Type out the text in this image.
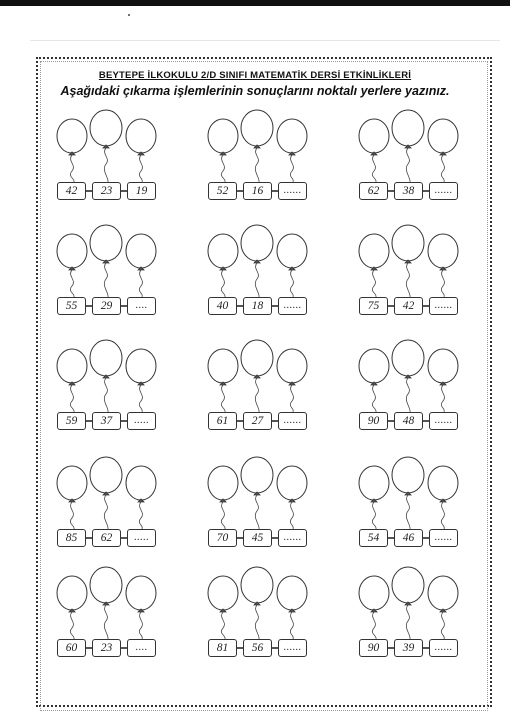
BEYTEPE İLKOKULU 2/D SINIFI MATEMATİK DERSİ ETKİNLİKLERİ
Aşağıdaki çıkarma işlemlerinin sonuçlarını noktalı yerlere yazınız.
42	23	19	52	16	......	62	38	......
55	29	....	40	18	......	75	42	......
59	37	.....	61	27	......	90	48	......
85	62	.....	70	45	......	54	46	......
60	23	....	81	56	......	90	39	......
